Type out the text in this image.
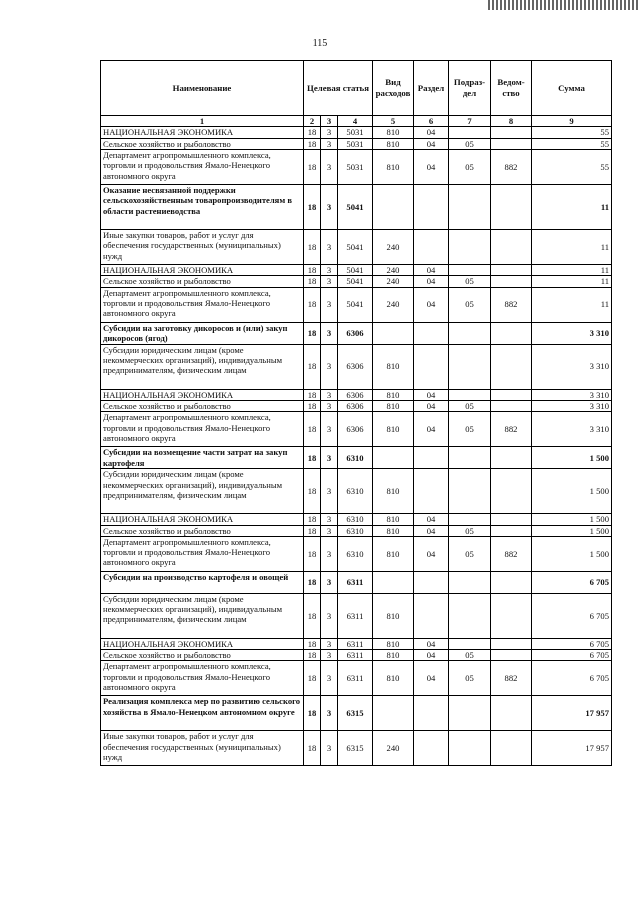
115
Наименование	Целевая статья			Вид расходов	Раздел	Подраз-дел	Ведом-ство	Сумма
1	2	3	4	5	6	7	8	9
НАЦИОНАЛЬНАЯ ЭКОНОМИКА	18	3	5031	810	04			55
Сельское хозяйство и рыболовство	18	3	5031	810	04	05		55
Департамент агропромышленного комплекса, торговли и продовольствия Ямало-Ненецкого автономного округа	18	3	5031	810	04	05	882	55
Оказание несвязанной поддержки сельскохозяйственным товаропроизводителям в области растениеводства	18	3	5041					11
Иные закупки товаров, работ и услуг для обеспечения государственных (муниципальных) нужд	18	3	5041	240				11
НАЦИОНАЛЬНАЯ ЭКОНОМИКА	18	3	5041	240	04			11
Сельское хозяйство и рыболовство	18	3	5041	240	04	05		11
Департамент агропромышленного комплекса, торговли и продовольствия Ямало-Ненецкого автономного округа	18	3	5041	240	04	05	882	11
Субсидии на заготовку дикоросов и (или) закуп дикоросов (ягод)	18	3	6306					3 310
Субсидии юридическим лицам (кроме некоммерческих организаций), индивидуальным предпринимателям, физическим лицам	18	3	6306	810				3 310
НАЦИОНАЛЬНАЯ ЭКОНОМИКА	18	3	6306	810	04			3 310
Сельское хозяйство и рыболовство	18	3	6306	810	04	05		3 310
Департамент агропромышленного комплекса, торговли и продовольствия Ямало-Ненецкого автономного округа	18	3	6306	810	04	05	882	3 310
Субсидии на возмещение части затрат на закуп картофеля	18	3	6310					1 500
Субсидии юридическим лицам (кроме некоммерческих организаций), индивидуальным предпринимателям, физическим лицам	18	3	6310	810				1 500
НАЦИОНАЛЬНАЯ ЭКОНОМИКА	18	3	6310	810	04			1 500
Сельское хозяйство и рыболовство	18	3	6310	810	04	05		1 500
Департамент агропромышленного комплекса, торговли и продовольствия Ямало-Ненецкого автономного округа	18	3	6310	810	04	05	882	1 500
Субсидии на производство картофеля и овощей	18	3	6311					6 705
Субсидии юридическим лицам (кроме некоммерческих организаций), индивидуальным предпринимателям, физическим лицам	18	3	6311	810				6 705
НАЦИОНАЛЬНАЯ ЭКОНОМИКА	18	3	6311	810	04			6 705
Сельское хозяйство и рыболовство	18	3	6311	810	04	05		6 705
Департамент агропромышленного комплекса, торговли и продовольствия Ямало-Ненецкого автономного округа	18	3	6311	810	04	05	882	6 705
Реализация комплекса мер по развитию сельского хозяйства в Ямало-Ненецком автономном округе	18	3	6315					17 957
Иные закупки товаров, работ и услуг для обеспечения государственных (муниципальных) нужд	18	3	6315	240				17 957
